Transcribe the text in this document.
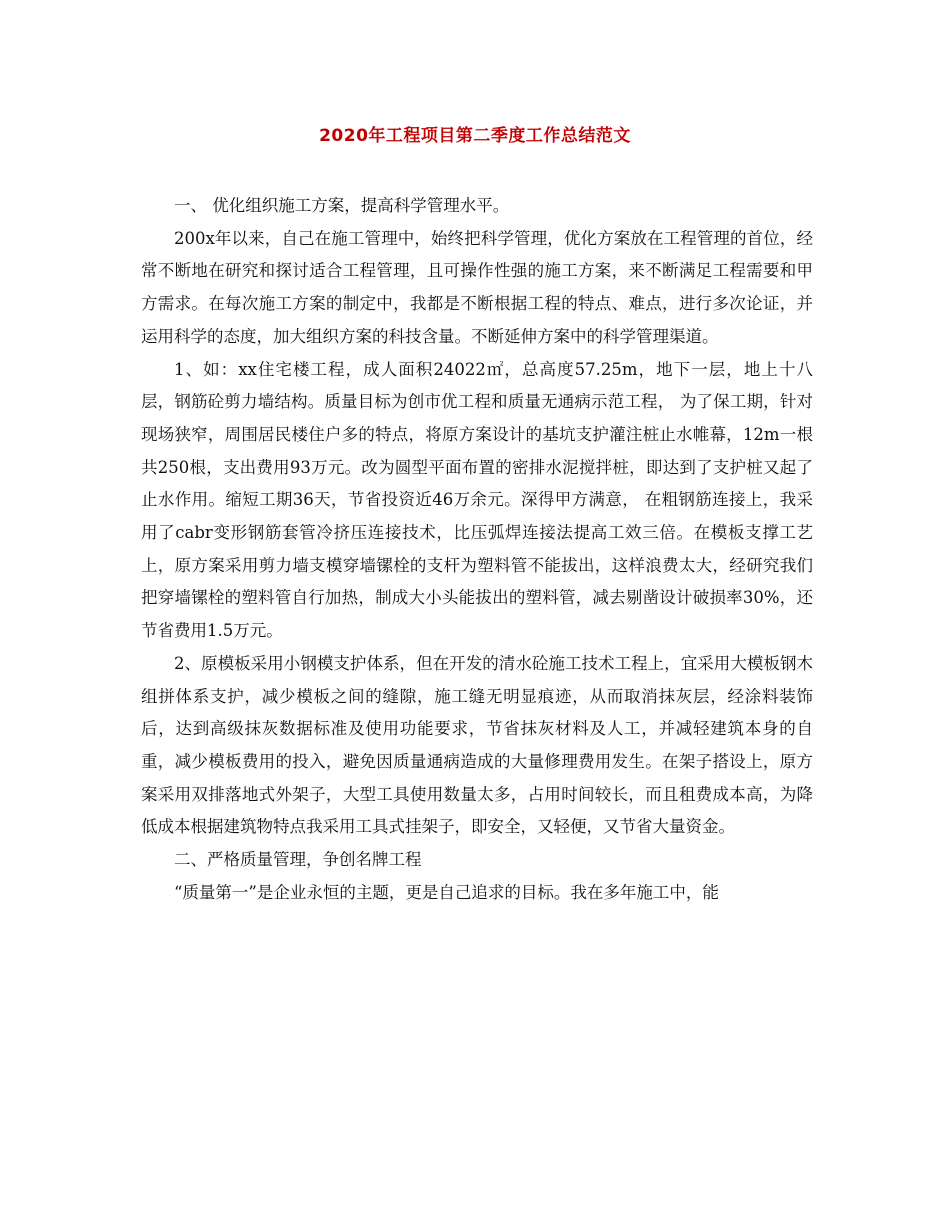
2020年工程项目第二季度工作总结范文

一、 优化组织施工方案，提高科学管理水平。

200x年以来，自己在施工管理中，始终把科学管理，优化方案放在工程管理的首位，经常不断地在研究和探讨适合工程管理，且可操作性强的施工方案，来不断满足工程需要和甲方需求。在每次施工方案的制定中，我都是不断根据工程的特点、难点，进行多次论证，并运用科学的态度，加大组织方案的科技含量。不断延伸方案中的科学管理渠道。

1、如：xx住宅楼工程，成人面积24022㎡，总高度57.25m，地下一层，地上十八层，钢筋砼剪力墙结构。质量目标为创市优工程和质量无通病示范工程， 为了保工期，针对现场狭窄，周围居民楼住户多的特点，将原方案设计的基坑支护灌注桩止水帷幕，12m一根共250根，支出费用93万元。改为圆型平面布置的密排水泥搅拌桩，即达到了支护桩又起了止水作用。缩短工期36天，节省投资近46万余元。深得甲方满意， 在粗钢筋连接上，我采用了cabr变形钢筋套管冷挤压连接技术，比压弧焊连接法提高工效三倍。在模板支撑工艺上，原方案采用剪力墙支模穿墙镙栓的支杆为塑料管不能拔出，这样浪费太大，经研究我们把穿墙镙栓的塑料管自行加热，制成大小头能拔出的塑料管，减去剔凿设计破损率30%，还节省费用1.5万元。

2、原模板采用小钢模支护体系，但在开发的清水砼施工技术工程上，宜采用大模板钢木组拼体系支护，减少模板之间的缝隙，施工缝无明显痕迹，从而取消抹灰层，经涂料装饰后，达到高级抹灰数据标准及使用功能要求，节省抹灰材料及人工，并减轻建筑本身的自重，减少模板费用的投入，避免因质量通病造成的大量修理费用发生。在架子搭设上，原方案采用双排落地式外架子，大型工具使用数量太多，占用时间较长，而且租费成本高，为降低成本根据建筑物特点我采用工具式挂架子，即安全，又轻便，又节省大量资金。

二、严格质量管理，争创名牌工程

“质量第一”是企业永恒的主题，更是自己追求的目标。我在多年施工中，能
